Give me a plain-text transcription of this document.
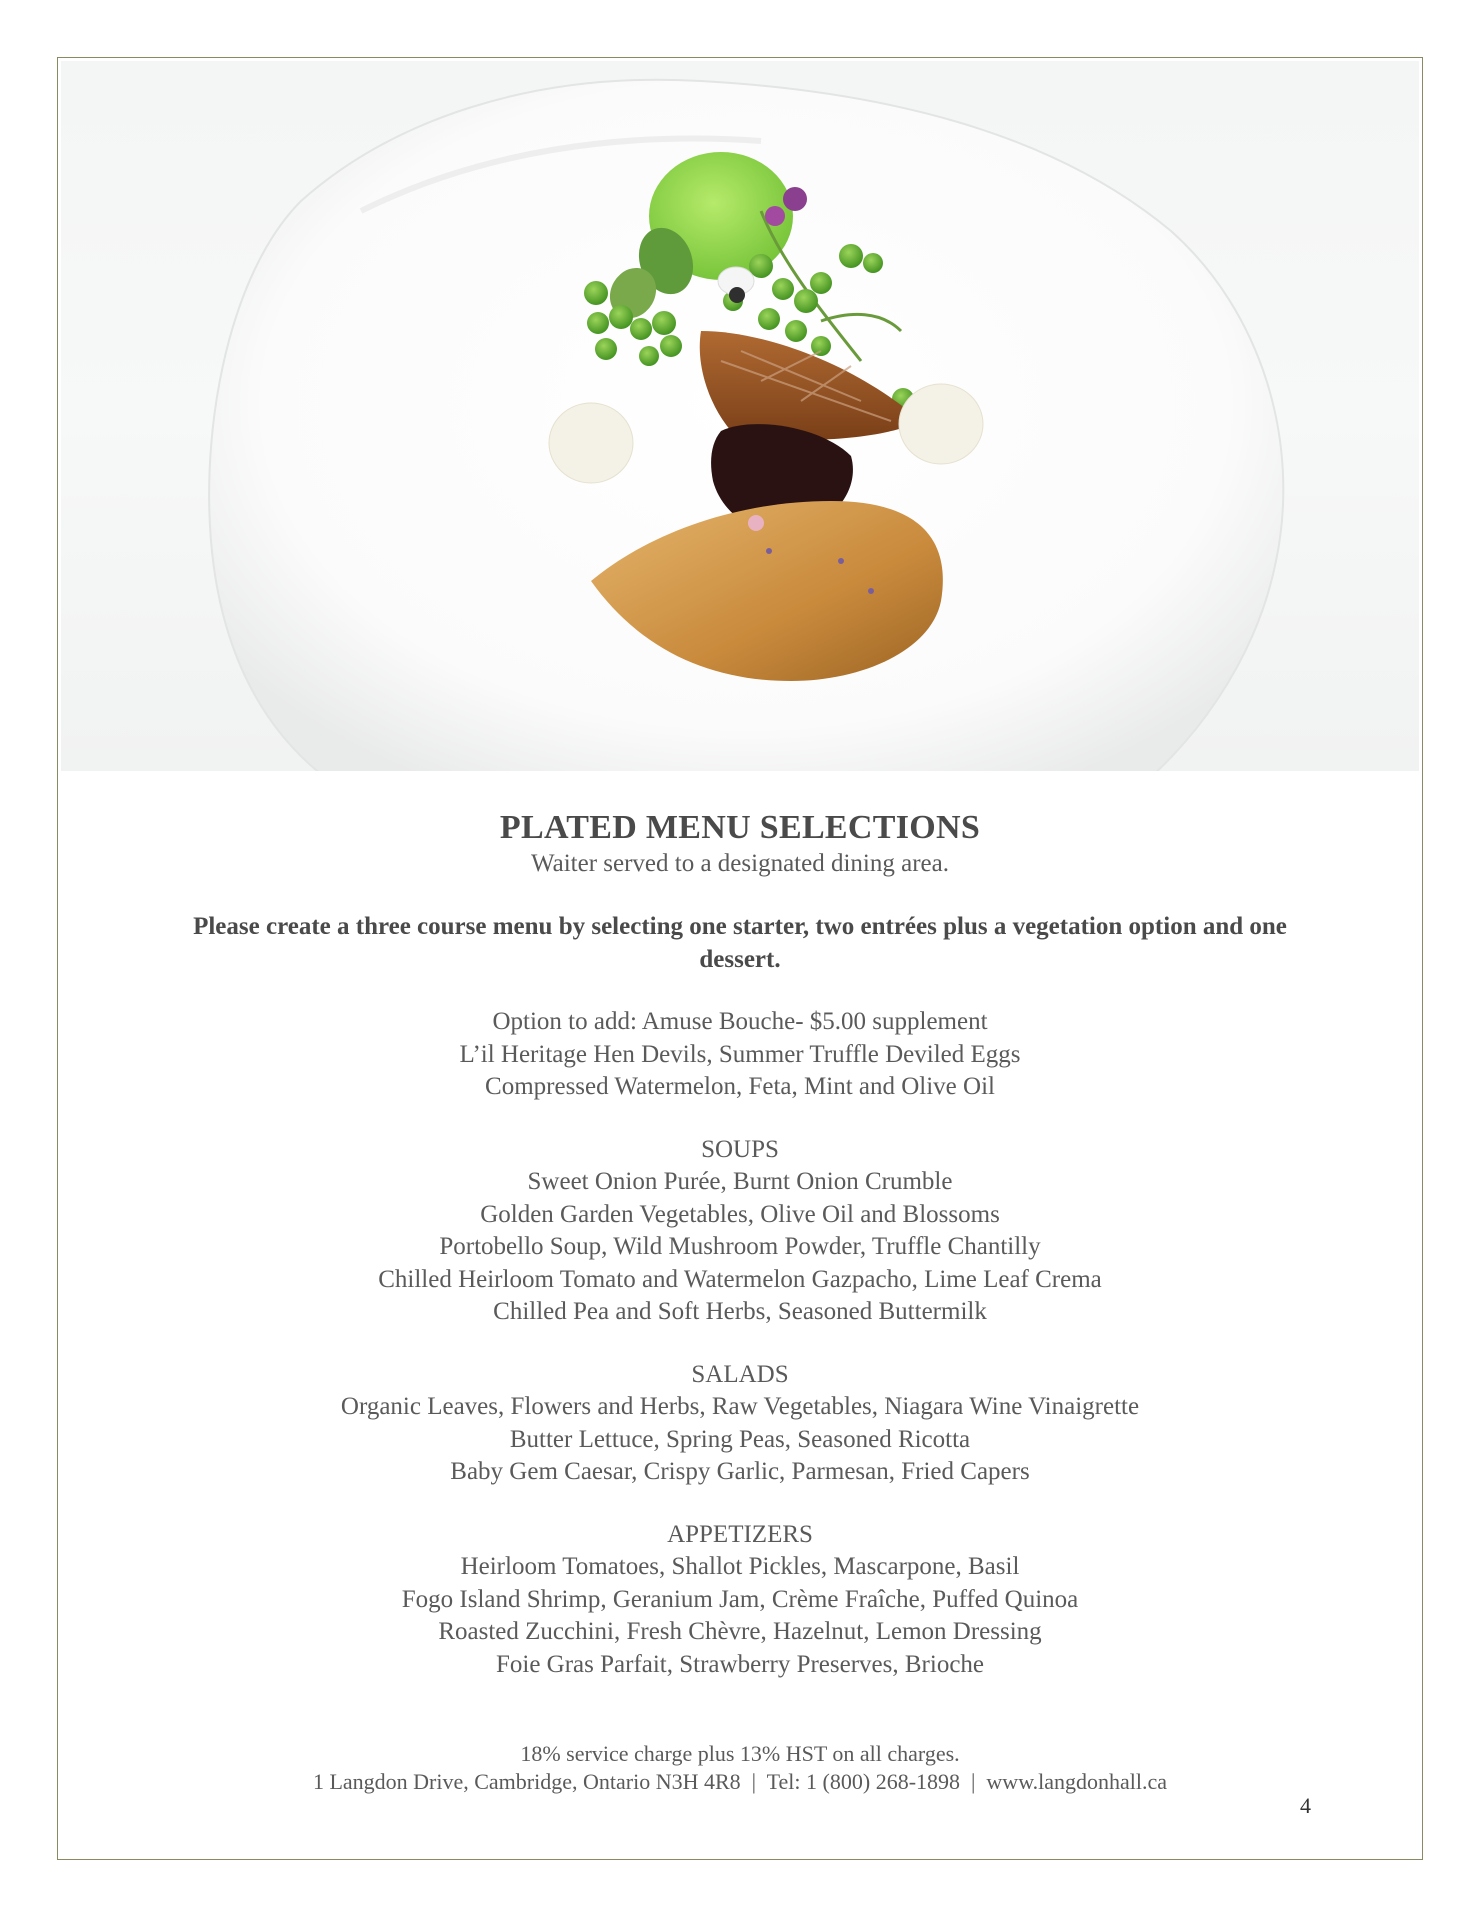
PLATED MENU SELECTIONS

Waiter served to a designated dining area.

Please create a three course menu by selecting one starter, two entrées plus a vegetation option and one dessert.

Option to add: Amuse Bouche- $5.00 supplement

L’il Heritage Hen Devils, Summer Truffle Deviled Eggs

Compressed Watermelon, Feta, Mint and Olive Oil

SOUPS

Sweet Onion Purée, Burnt Onion Crumble

Golden Garden Vegetables, Olive Oil and Blossoms

Portobello Soup, Wild Mushroom Powder, Truffle Chantilly

Chilled Heirloom Tomato and Watermelon Gazpacho, Lime Leaf Crema

Chilled Pea and Soft Herbs, Seasoned Buttermilk

SALADS

Organic Leaves, Flowers and Herbs, Raw Vegetables, Niagara Wine Vinaigrette

Butter Lettuce, Spring Peas, Seasoned Ricotta

Baby Gem Caesar, Crispy Garlic, Parmesan, Fried Capers

APPETIZERS

Heirloom Tomatoes, Shallot Pickles, Mascarpone, Basil

Fogo Island Shrimp, Geranium Jam, Crème Fraîche, Puffed Quinoa

Roasted Zucchini, Fresh Chèvre, Hazelnut, Lemon Dressing

Foie Gras Parfait, Strawberry Preserves, Brioche

18% service charge plus 13% HST on all charges.

1 Langdon Drive, Cambridge, Ontario N3H 4R8  |  Tel: 1 (800) 268-1898  |  www.langdonhall.ca

4
